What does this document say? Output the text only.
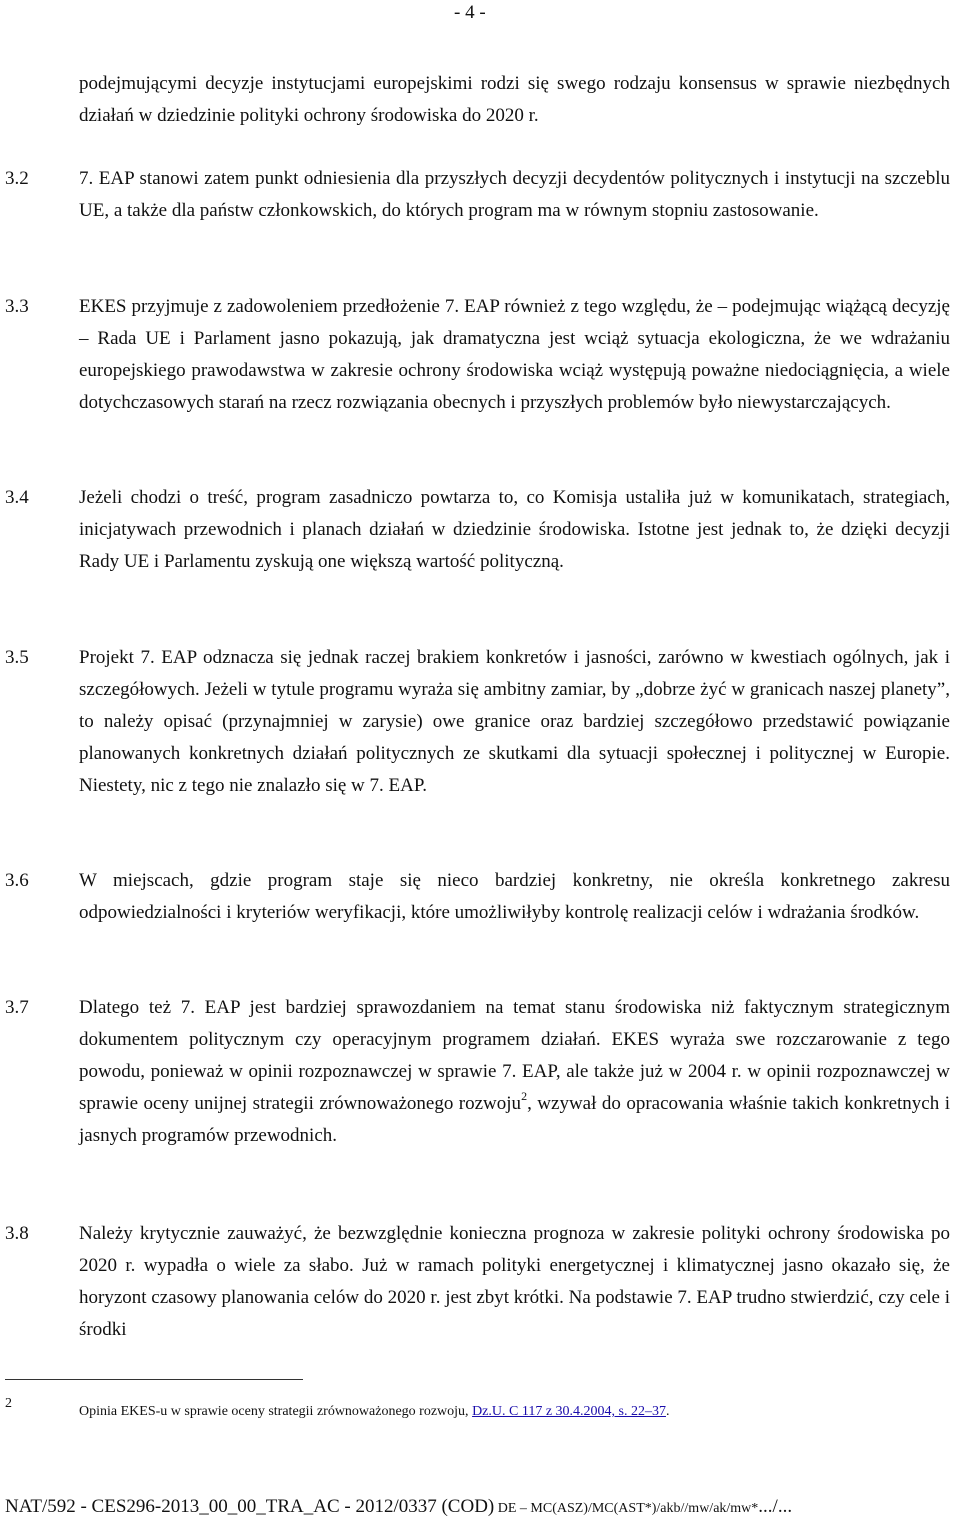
- 4 -
podejmującymi decyzje instytucjami europejskimi rodzi się swego rodzaju konsensus w sprawie niezbędnych działań w dziedzinie polityki ochrony środowiska do 2020 r.
3.2	7. EAP stanowi zatem punkt odniesienia dla przyszłych decyzji decydentów politycznych i instytucji na szczeblu UE, a także dla państw członkowskich, do których program ma w równym stopniu zastosowanie.
3.3	EKES przyjmuje z zadowoleniem przedłożenie 7. EAP również z tego względu, że – podejmując wiążącą decyzję – Rada UE i Parlament jasno pokazują, jak dramatyczna jest wciąż sytuacja ekologiczna, że we wdrażaniu europejskiego prawodawstwa w zakresie ochrony środowiska wciąż występują poważne niedociągnięcia, a wiele dotychczasowych starań na rzecz rozwiązania obecnych i przyszłych problemów było niewystarczających.
3.4	Jeżeli chodzi o treść, program zasadniczo powtarza to, co Komisja ustaliła już w komunikatach, strategiach, inicjatywach przewodnich i planach działań w dziedzinie środowiska. Istotne jest jednak to, że dzięki decyzji Rady UE i Parlamentu zyskują one większą wartość polityczną.
3.5	Projekt 7. EAP odznacza się jednak raczej brakiem konkretów i jasności, zarówno w kwestiach ogólnych, jak i szczegółowych. Jeżeli w tytule programu wyraża się ambitny zamiar, by „dobrze żyć w granicach naszej planety”, to należy opisać (przynajmniej w zarysie) owe granice oraz bardziej szczegółowo przedstawić powiązanie planowanych konkretnych działań politycznych ze skutkami dla sytuacji społecznej i politycznej w Europie. Niestety, nic z tego nie znalazło się w 7. EAP.
3.6	W miejscach, gdzie program staje się nieco bardziej konkretny, nie określa konkretnego zakresu odpowiedzialności i kryteriów weryfikacji, które umożliwiłyby kontrolę realizacji celów i wdrażania środków.
3.7	Dlatego też 7. EAP jest bardziej sprawozdaniem na temat stanu środowiska niż faktycznym strategicznym dokumentem politycznym czy operacyjnym programem działań. EKES wyraża swe rozczarowanie z tego powodu, ponieważ w opinii rozpoznawczej w sprawie 7. EAP, ale także już w 2004 r. w opinii rozpoznawczej w sprawie oceny unijnej strategii zrównoważonego rozwoju$^2$, wzywał do opracowania właśnie takich konkretnych i jasnych programów przewodnich.
3.8	Należy krytycznie zauważyć, że bezwzględnie konieczna prognoza w zakresie polityki ochrony środowiska po 2020 r. wypadła o wiele za słabo. Już w ramach polityki energetycznej i klimatycznej jasno okazało się, że horyzont czasowy planowania celów do 2020 r. jest zbyt krótki. Na podstawie 7. EAP trudno stwierdzić, czy cele i środki
2
Opinia EKES-u w sprawie oceny strategii zrównoważonego rozwoju, Dz.U. C 117 z 30.4.2004, s. 22–37.
NAT/592 - CES296-2013_00_00_TRA_AC - 2012/0337 (COD) DE – MC(ASZ)/MC(AST*)/akb//mw/ak/mw*.../...
